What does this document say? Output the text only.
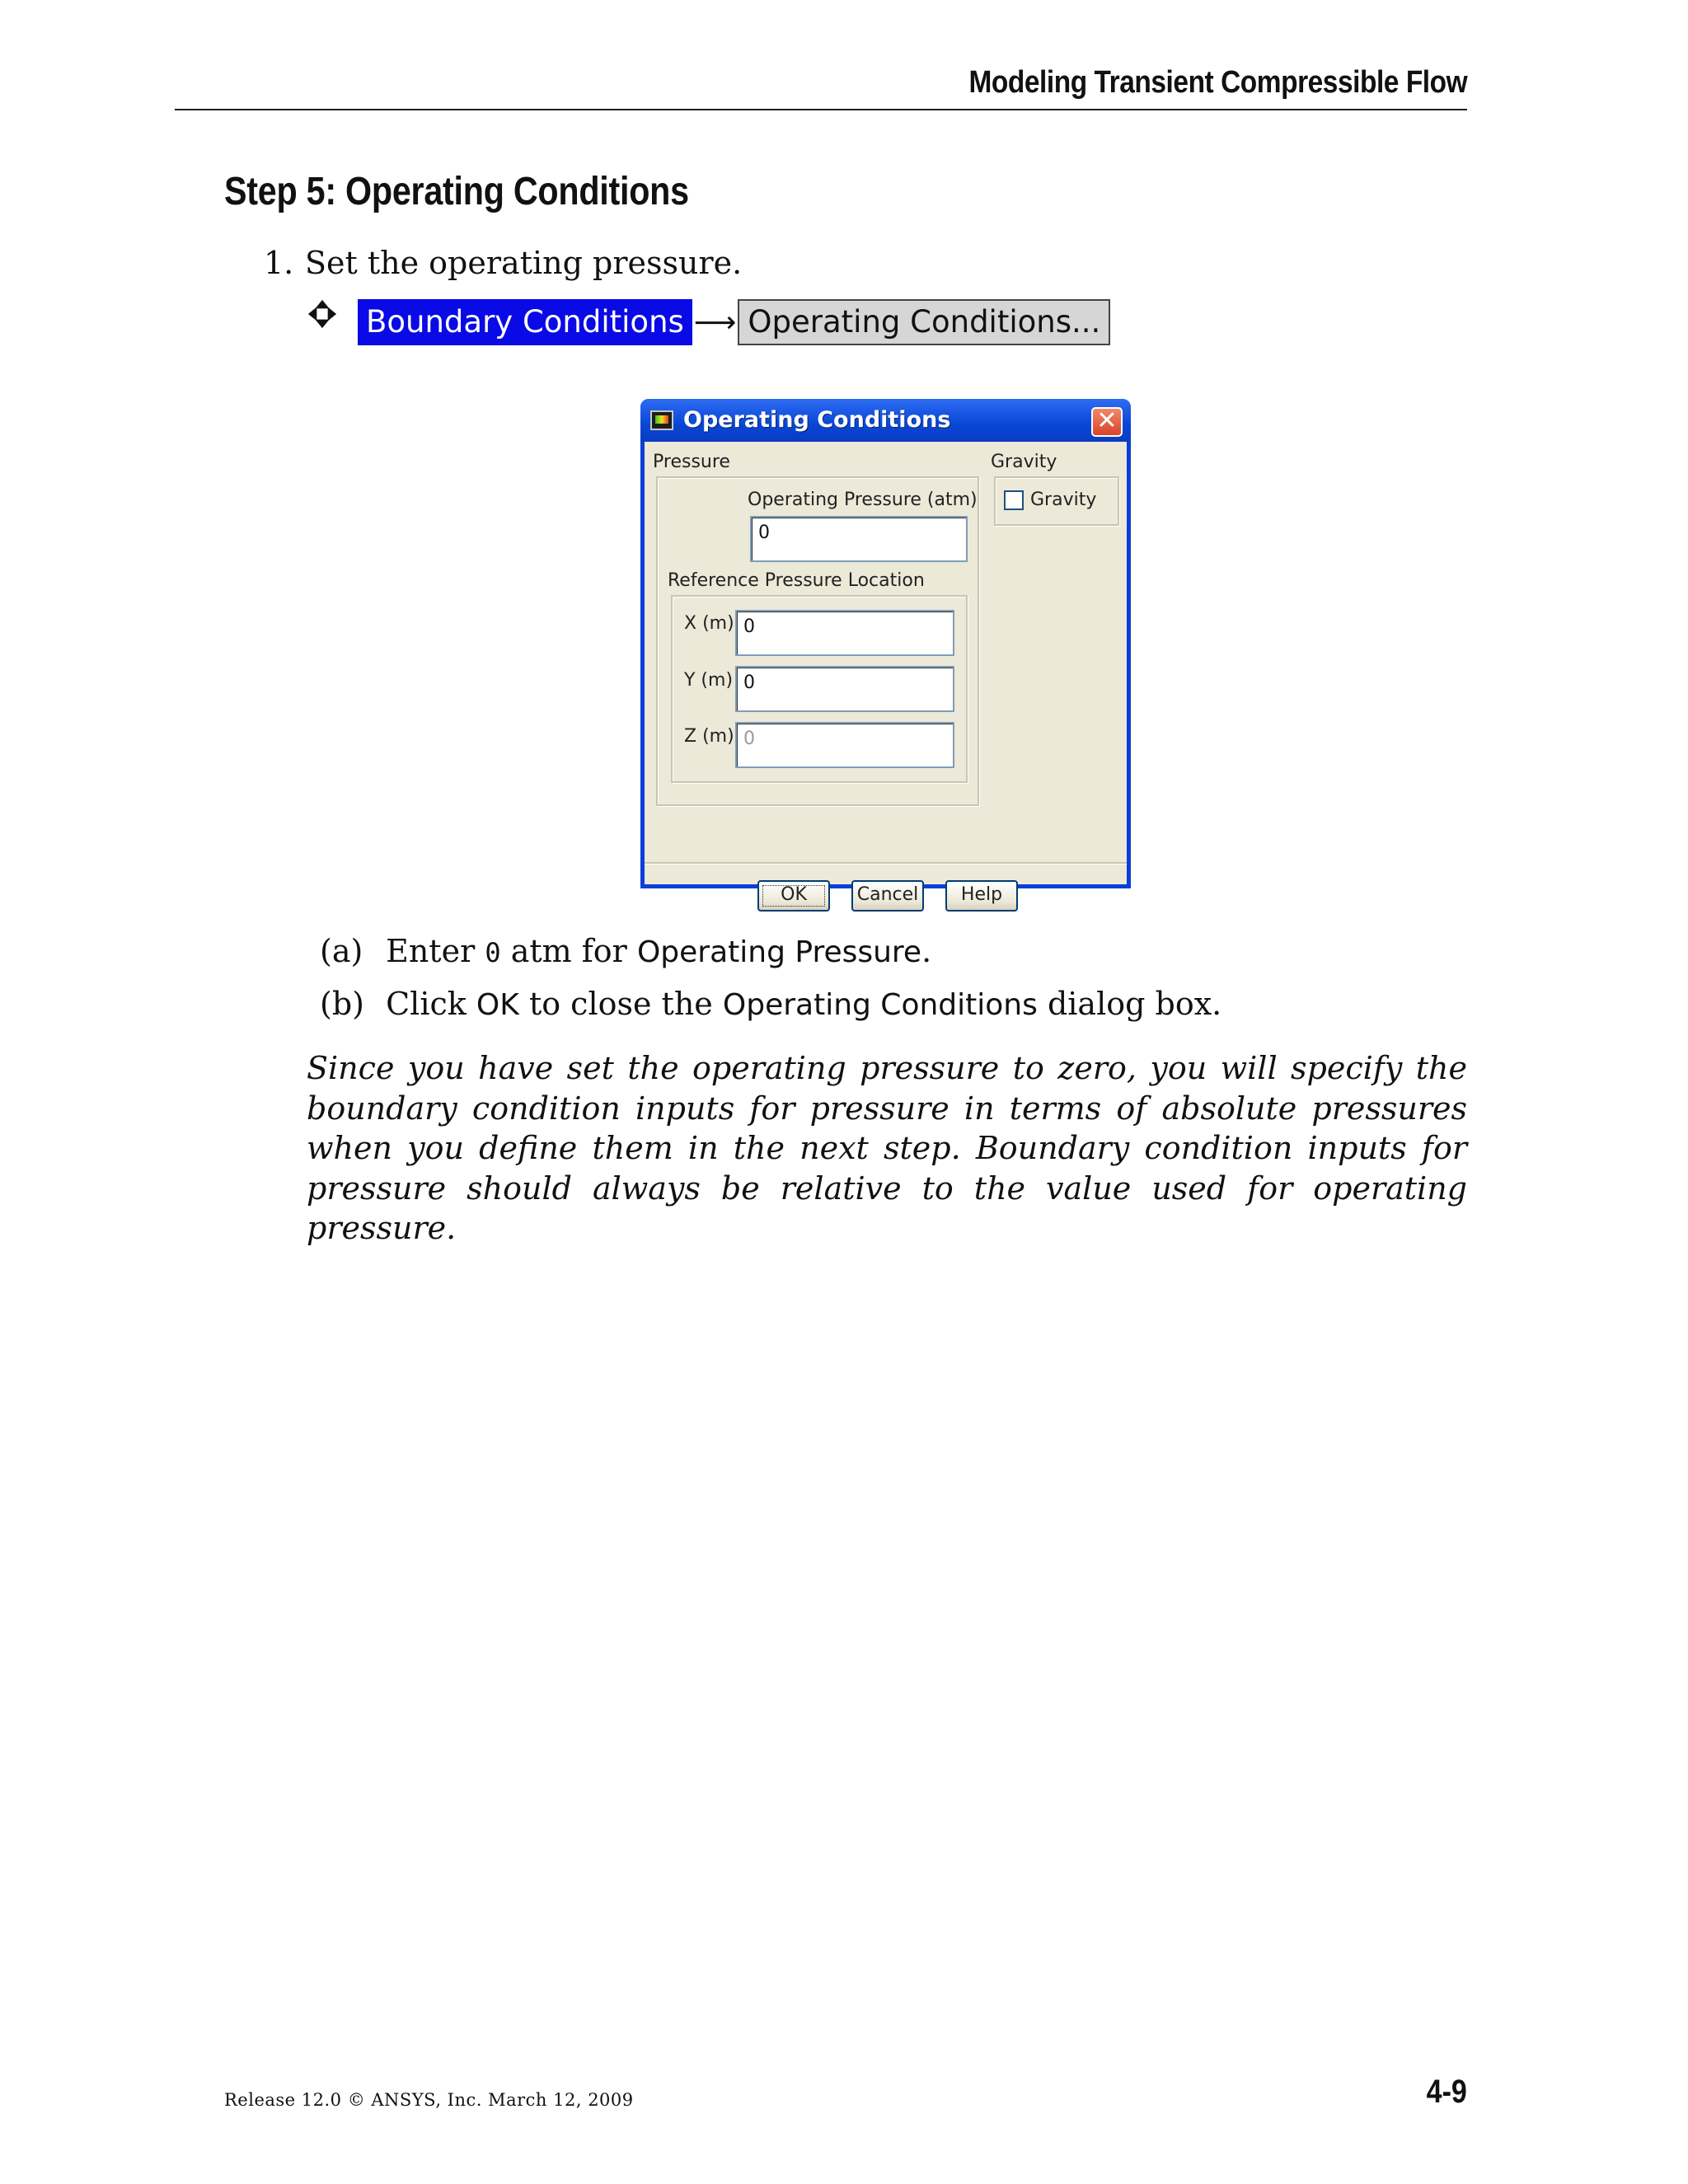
Modeling Transient Compressible Flow
Step 5: Operating Conditions
1. Set the operating pressure.
Boundary Conditions ⟶ Operating Conditions...
Operating Conditions	✕
Pressure
Operating Pressure (atm)
0
Reference Pressure Location
X (m) 0
Y (m) 0
Z (m) 0
Gravity
Gravity
OK	Cancel	Help
(a) Enter 0 atm for Operating Pressure.
(b) Click OK to close the Operating Conditions dialog box.
Since you have set the operating pressure to zero, you will specify the boundary condition inputs for pressure in terms of absolute pressures when you define them in the next step. Boundary condition inputs for pressure should always be relative to the value used for operating pressure.
Release 12.0 © ANSYS, Inc. March 12, 2009	4-9
